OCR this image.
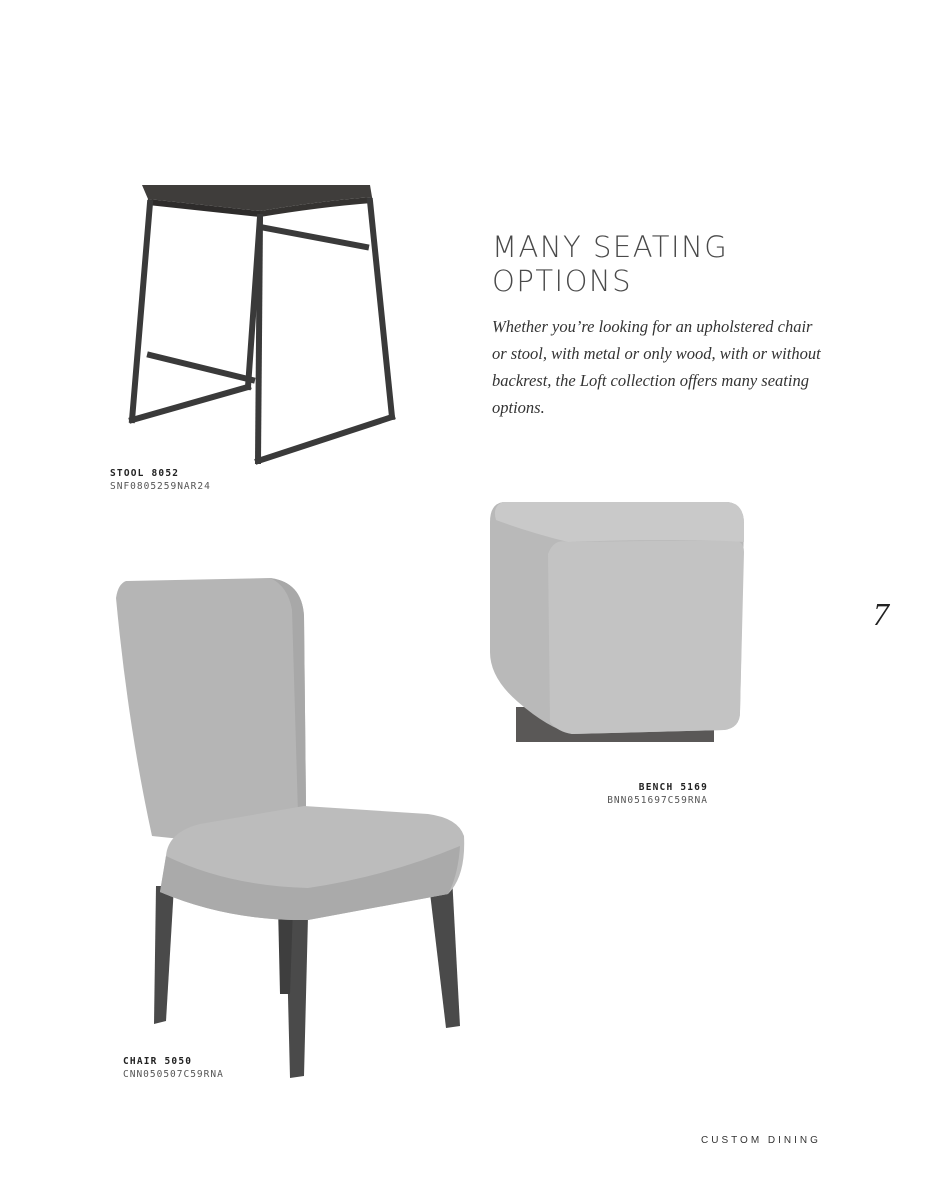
MANY SEATING
OPTIONS
Whether you’re looking for an upholstered chair or stool, with metal or only wood, with or without backrest, the Loft collection offers many seating options.
STOOL 8052
SNF0805259NAR24
BENCH 5169
BNN051697C59RNA
CHAIR 5050
CNN050507C59RNA
7
CUSTOM DINING
